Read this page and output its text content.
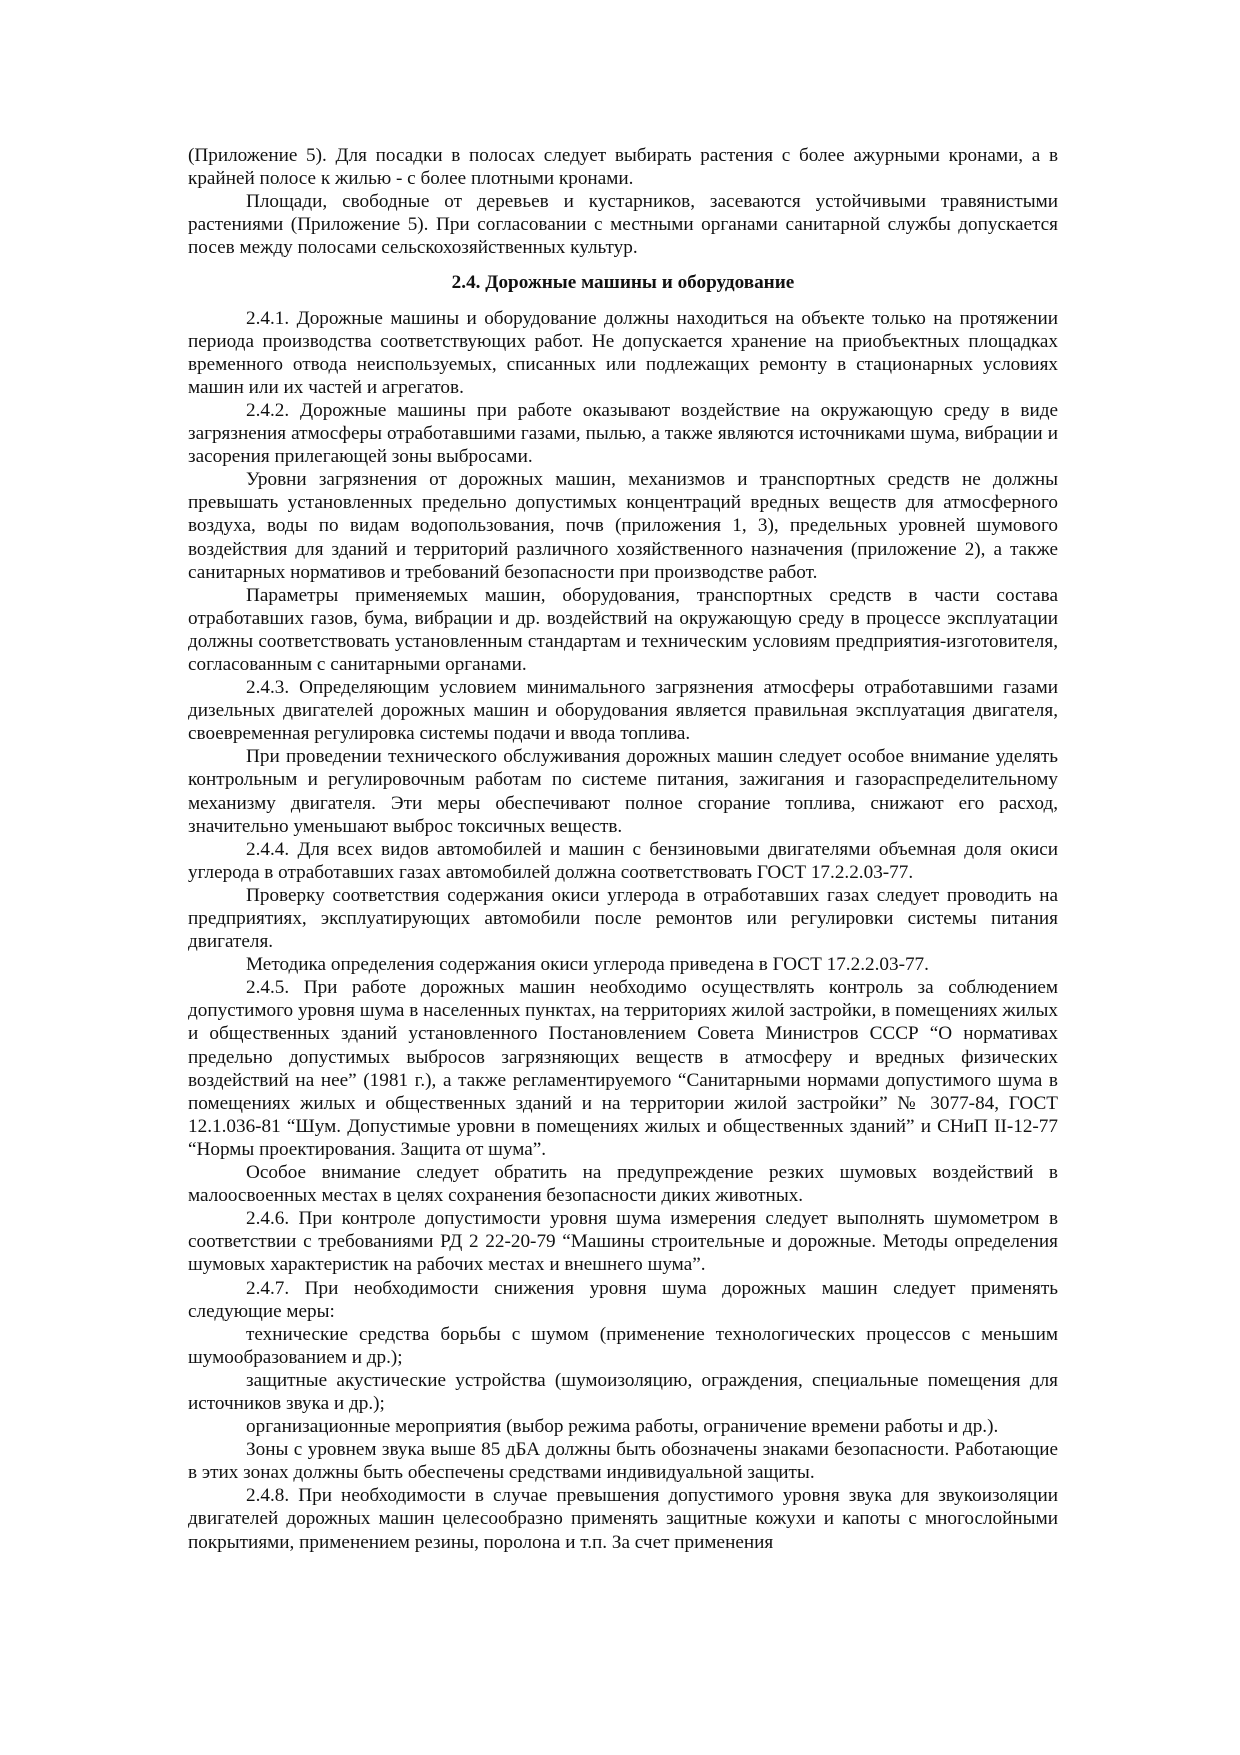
(Приложение 5). Для посадки в полосах следует выбирать растения с более ажурными кронами, а в крайней полосе к жилью - с более плотными кронами.

Площади, свободные от деревьев и кустарников, засеваются устойчивыми травянистыми растениями (Приложение 5). При согласовании с местными органами санитарной службы допускается посев между полосами сельскохозяйственных культур.

2.4. Дорожные машины и оборудование

2.4.1. Дорожные машины и оборудование должны находиться на объекте только на протяжении периода производства соответствующих работ. Не допускается хранение на приобъектных площадках временного отвода неиспользуемых, списанных или подлежащих ремонту в стационарных условиях машин или их частей и агрегатов.

2.4.2. Дорожные машины при работе оказывают воздействие на окружающую среду в виде загрязнения атмосферы отработавшими газами, пылью, а также являются источниками шума, вибрации и засорения прилегающей зоны выбросами.

Уровни загрязнения от дорожных машин, механизмов и транспортных средств не должны превышать установленных предельно допустимых концентраций вредных веществ для атмосферного воздуха, воды по видам водопользования, почв (приложения 1, 3), предельных уровней шумового воздействия для зданий и территорий различного хозяйственного назначения (приложение 2), а также санитарных нормативов и требований безопасности при производстве работ.

Параметры применяемых машин, оборудования, транспортных средств в части состава отработавших газов, бума, вибрации и др. воздействий на окружающую среду в процессе эксплуатации должны соответствовать установленным стандартам и техническим условиям предприятия-изготовителя, согласованным с санитарными органами.

2.4.3. Определяющим условием минимального загрязнения атмосферы отработавшими газами дизельных двигателей дорожных машин и оборудования является правильная эксплуатация двигателя, своевременная регулировка системы подачи и ввода топлива.

При проведении технического обслуживания дорожных машин следует особое внимание уделять контрольным и регулировочным работам по системе питания, зажигания и газораспределительному механизму двигателя. Эти меры обеспечивают полное сгорание топлива, снижают его расход, значительно уменьшают выброс токсичных веществ.

2.4.4. Для всех видов автомобилей и машин с бензиновыми двигателями объемная доля окиси углерода в отработавших газах автомобилей должна соответствовать ГОСТ 17.2.2.03-77.

Проверку соответствия содержания окиси углерода в отработавших газах следует проводить на предприятиях, эксплуатирующих автомобили после ремонтов или регулировки системы питания двигателя.

Методика определения содержания окиси углерода приведена в ГОСТ 17.2.2.03-77.

2.4.5. При работе дорожных машин необходимо осуществлять контроль за соблюдением допустимого уровня шума в населенных пунктах, на территориях жилой застройки, в помещениях жилых и общественных зданий установленного Постановлением Совета Министров СССР “О нормативах предельно допустимых выбросов загрязняющих веществ в атмосферу и вредных физических воздействий на нее” (1981 г.), а также регламентируемого “Санитарными нормами допустимого шума в помещениях жилых и общественных зданий и на территории жилой застройки” № 3077-84, ГОСТ 12.1.036-81 “Шум. Допустимые уровни в помещениях жилых и общественных зданий” и СНиП II-12-77 “Нормы проектирования. Защита от шума”.

Особое внимание следует обратить на предупреждение резких шумовых воздействий в малоосвоенных местах в целях сохранения безопасности диких животных.

2.4.6. При контроле допустимости уровня шума измерения следует выполнять шумометром в соответствии с требованиями РД 2 22-20-79 “Машины строительные и дорожные. Методы определения шумовых характеристик на рабочих местах и внешнего шума”.

2.4.7. При необходимости снижения уровня шума дорожных машин следует применять следующие меры:

технические средства борьбы с шумом (применение технологических процессов с меньшим шумообразованием и др.);

защитные акустические устройства (шумоизоляцию, ограждения, специальные помещения для источников звука и др.);

организационные мероприятия (выбор режима работы, ограничение времени работы и др.).

Зоны с уровнем звука выше 85 дБА должны быть обозначены знаками безопасности. Работающие в этих зонах должны быть обеспечены средствами индивидуальной защиты.

2.4.8. При необходимости в случае превышения допустимого уровня звука для звукоизоляции двигателей дорожных машин целесообразно применять защитные кожухи и капоты с многослойными покрытиями, применением резины, поролона и т.п. За счет применения
